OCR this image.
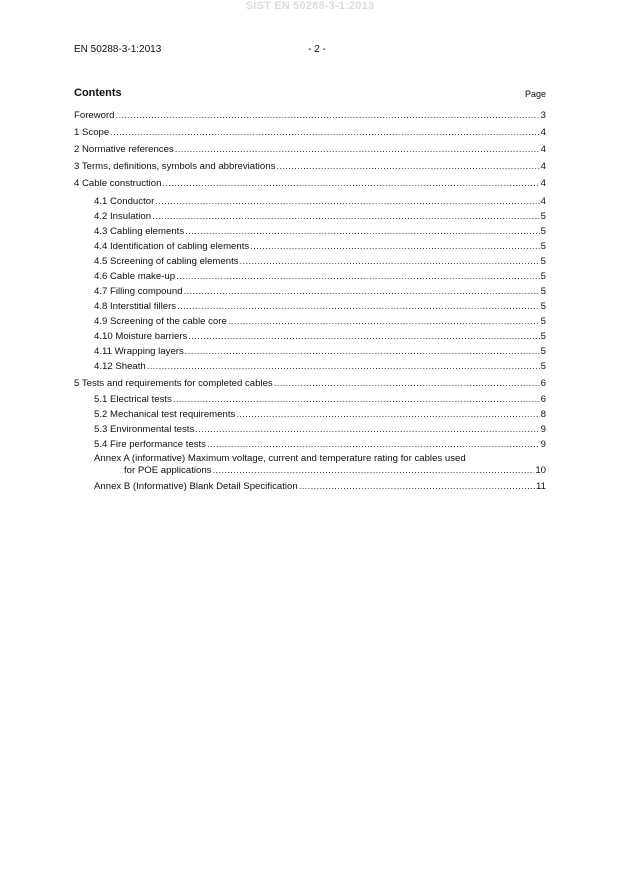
SIST EN 50288-3-1:2013
EN 50288-3-1:2013	- 2 -
Contents	Page
Foreword .....	3
1 Scope .....	4
2 Normative references .....	4
3 Terms, definitions, symbols and abbreviations .....	4
4 Cable construction .....	4
4.1 Conductor .....	4
4.2 Insulation .....	5
4.3 Cabling elements .....	5
4.4 Identification of cabling elements .....	5
4.5 Screening of cabling elements .....	5
4.6 Cable make-up .....	5
4.7 Filling compound .....	5
4.8 Interstitial fillers .....	5
4.9 Screening of the cable core .....	5
4.10 Moisture barriers .....	5
4.11 Wrapping layers .....	5
4.12 Sheath .....	5
5 Tests and requirements for completed cables .....	6
5.1 Electrical tests .....	6
5.2 Mechanical test requirements .....	8
5.3 Environmental tests .....	9
5.4 Fire performance tests .....	9
Annex A (informative) Maximum voltage, current and temperature rating for cables used
for POE applications .....	10
Annex B (Informative) Blank Detail Specification .....	11
